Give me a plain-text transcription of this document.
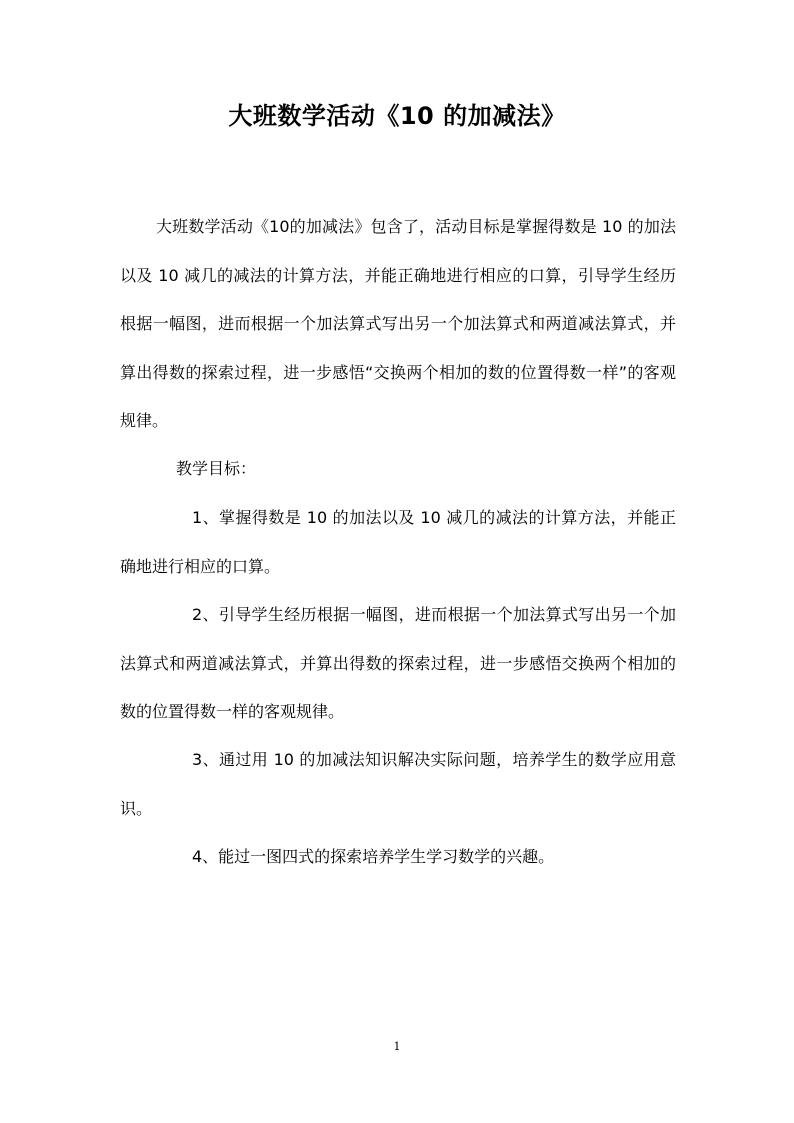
大班数学活动《10 的加减法》

大班数学活动《10的加减法》包含了，活动目标是掌握得数是 10 的加法以及 10 减几的减法的计算方法，并能正确地进行相应的口算，引导学生经历根据一幅图，进而根据一个加法算式写出另一个加法算式和两道减法算式，并算出得数的探索过程，进一步感悟“交换两个相加的数的位置得数一样”的客观规律。

教学目标：

1、掌握得数是 10 的加法以及 10 减几的减法的计算方法，并能正确地进行相应的口算。

2、引导学生经历根据一幅图，进而根据一个加法算式写出另一个加法算式和两道减法算式，并算出得数的探索过程，进一步感悟交换两个相加的数的位置得数一样的客观规律。

3、通过用 10 的加减法知识解决实际问题，培养学生的数学应用意识。

4、能过一图四式的探索培养学生学习数学的兴趣。

1
